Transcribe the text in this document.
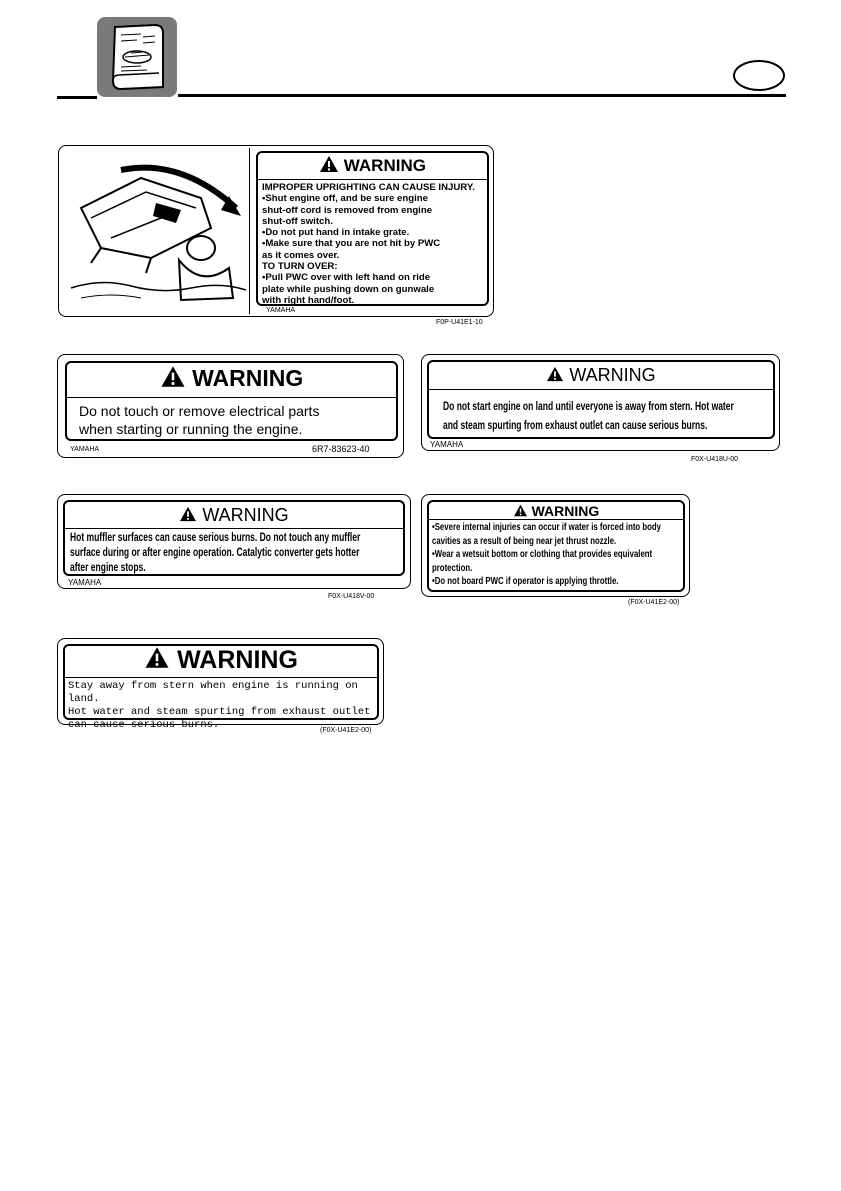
WARNING
IMPROPER UPRIGHTING CAN CAUSE INJURY.
•Shut engine off, and be sure engine
shut-off cord is removed from engine
shut-off switch.
•Do not put hand in intake grate.
•Make sure that you are not hit by PWC
as it comes over.
TO TURN OVER:
•Pull PWC over with left hand on ride
plate while pushing down on gunwale
with right hand/foot.
YAMAHA
F0P-U41E1-10
WARNING
Do not touch or remove electrical parts
when starting or running the engine.
YAMAHA	6R7-83623-40
WARNING
Do not start engine on land until everyone is away from stern. Hot water
and steam spurting from exhaust outlet can cause serious burns.
YAMAHA
F0X-U418U-00
WARNING
Hot muffler surfaces can cause serious burns. Do not touch any muffler
surface during or after engine operation. Catalytic converter gets hotter
after engine stops.
YAMAHA
F0X-U418V-00
WARNING
•Severe internal injuries can occur if water is forced into body
cavities as a result of being near jet thrust nozzle.
•Wear a wetsuit bottom or clothing that provides equivalent
protection.
•Do not board PWC if operator is applying throttle.
(F0X-U41E2-00)
WARNING
Stay away from stern when engine is running on land.
Hot water and steam spurting from exhaust outlet
can cause serious burns.	(F0X-U41E2-00)
